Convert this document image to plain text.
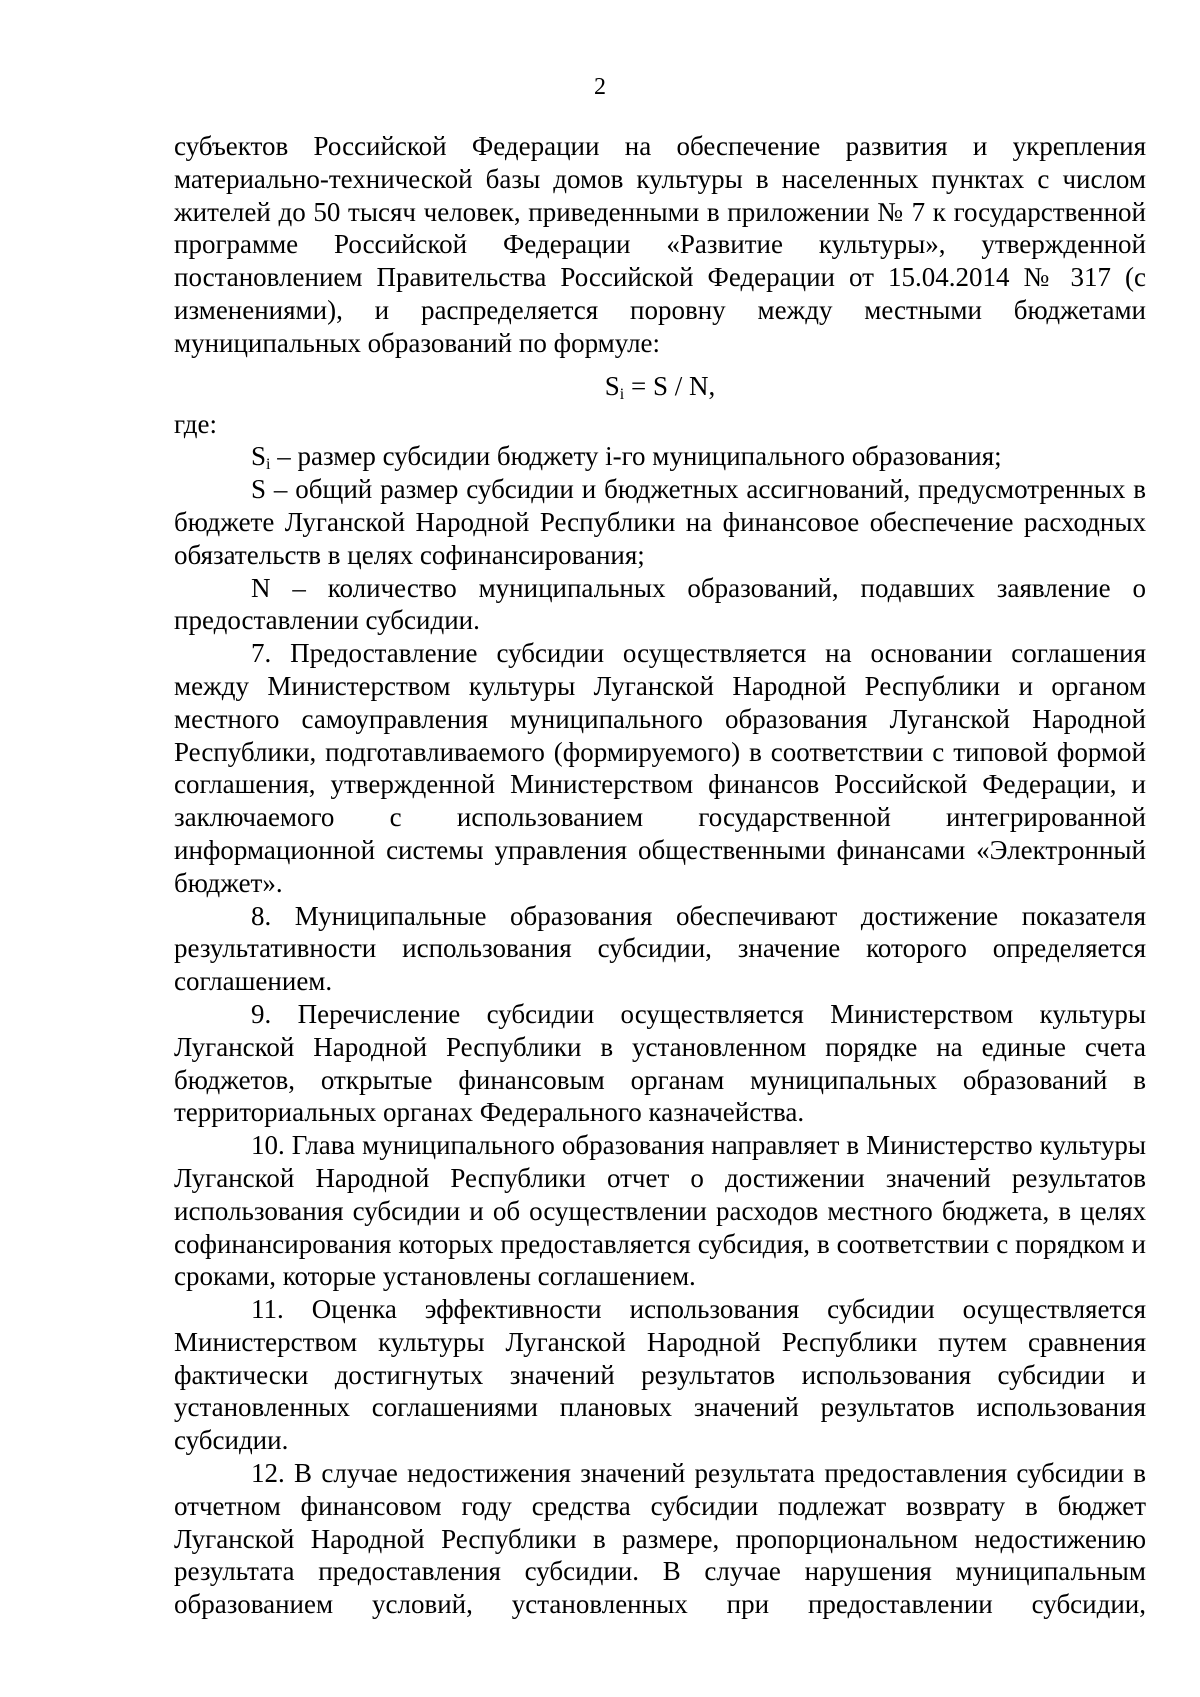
2

субъектов Российской Федерации на обеспечение развития и укрепления материально-технической базы домов культуры в населенных пунктах с числом жителей до 50 тысяч человек, приведенными в приложении № 7 к государственной программе Российской Федерации «Развитие культуры», утвержденной постановлением Правительства Российской Федерации от 15.04.2014 № 317 (с изменениями), и распределяется поровну между местными бюджетами муниципальных образований по формуле:

$S_i = S / N$,

где:

$S_i$ – размер субсидии бюджету i-го муниципального образования;

S – общий размер субсидии и бюджетных ассигнований, предусмотренных в бюджете Луганской Народной Республики на финансовое обеспечение расходных обязательств в целях софинансирования;

N – количество муниципальных образований, подавших заявление о предоставлении субсидии.

7. Предоставление субсидии осуществляется на основании соглашения между Министерством культуры Луганской Народной Республики и органом местного самоуправления муниципального образования Луганской Народной Республики, подготавливаемого (формируемого) в соответствии с типовой формой соглашения, утвержденной Министерством финансов Российской Федерации, и заключаемого с использованием государственной интегрированной информационной системы управления общественными финансами «Электронный бюджет».

8. Муниципальные образования обеспечивают достижение показателя результативности использования субсидии, значение которого определяется соглашением.

9. Перечисление субсидии осуществляется Министерством культуры Луганской Народной Республики в установленном порядке на единые счета бюджетов, открытые финансовым органам муниципальных образований в территориальных органах Федерального казначейства.

10. Глава муниципального образования направляет в Министерство культуры Луганской Народной Республики отчет о достижении значений результатов использования субсидии и об осуществлении расходов местного бюджета, в целях софинансирования которых предоставляется субсидия, в соответствии с порядком и сроками, которые установлены соглашением.

11. Оценка эффективности использования субсидии осуществляется Министерством культуры Луганской Народной Республики путем сравнения фактически достигнутых значений результатов использования субсидии и установленных соглашениями плановых значений результатов использования субсидии.

12. В случае недостижения значений результата предоставления субсидии в отчетном финансовом году средства субсидии подлежат возврату в бюджет Луганской Народной Республики в размере, пропорциональном недостижению результата предоставления субсидии. В случае нарушения муниципальным образованием условий, установленных при предоставлении субсидии,
